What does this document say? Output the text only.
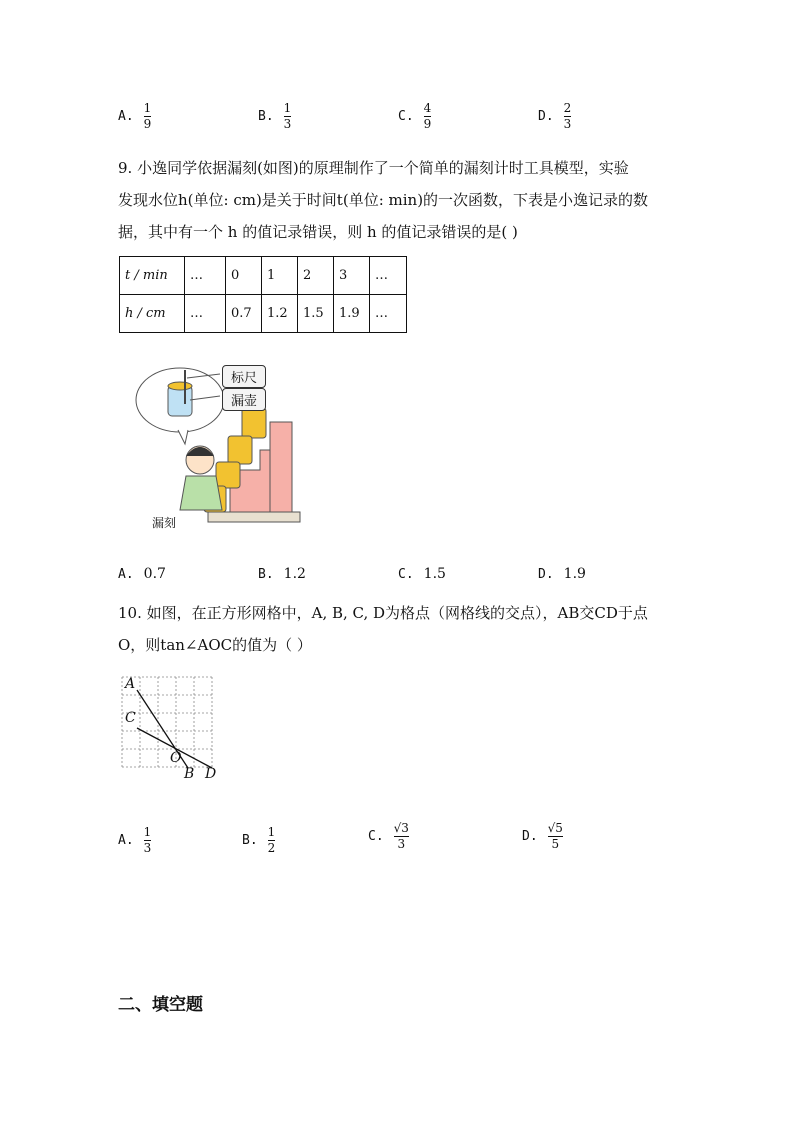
A. $\frac{1}{9}$	B. $\frac{1}{3}$	C. $\frac{4}{9}$	D. $\frac{2}{3}$
9. 小逸同学依据漏刻(如图)的原理制作了一个简单的漏刻计时工具模型，实验
发现水位h(单位: cm)是关于时间t(单位: min)的一次函数，下表是小逸记录的数
据，其中有一个 h 的值记录错误，则 h 的值记录错误的是( )
t / min	…	0	1	2	3	…
h / cm	…	0.7	1.2	1.5	1.9	…
标尺
漏壶
漏刻
A. 0.7	B. 1.2	C. 1.5	D. 1.9
10. 如图，在正方形网格中，A, B, C, D为格点（网格线的交点），AB交CD于点
O，则tan∠AOC的值为（ ）
A
C
O
B D
A. $\frac{1}{3}$	B. $\frac{1}{2}$	C. $\frac{√3}{3}$	D. $\frac{√5}{5}$
二、填空题
